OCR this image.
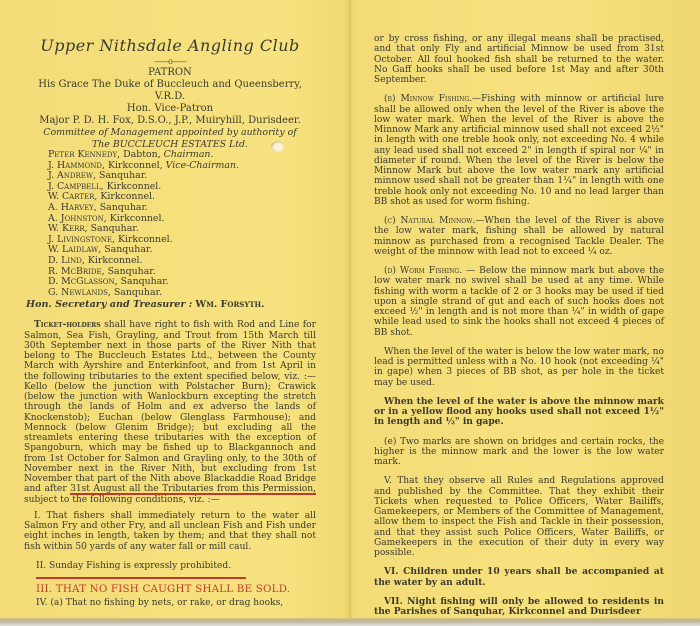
Upper Nithsdale Angling Club
——o——
PATRON
His Grace The Duke of Buccleuch and Queensberry, V.R.D.
Hon. Vice-Patron
Major P. D. H. Fox, D.S.O., J.P., Muiryhill, Durisdeer.
Committee of Management appointed by authority of
The BUCCLEUCH ESTATES Ltd.
Peter Kennedy, Dabton, Chairman.
J. Hammond, Kirkconnel, Vice-Chairman.
J. Andrew, Sanquhar.
J. Campbell, Kirkconnel.
W. Carter, Kirkconnel.
A. Harvey, Sanquhar.
A. Johnston, Kirkconnel.
W. Kerr, Sanquhar.
J. Livingstone, Kirkconnel.
W. Laidlaw, Sanquhar.
D. Lind, Kirkconnel.
R. McBride, Sanquhar.
D. McGlasson, Sanquhar.
G. Newlands, Sanquhar.
Hon. Secretary and Treasurer : Wm. Forsyth.

Ticket-holders shall have right to fish with Rod and Line for Salmon, Sea Fish, Grayling, and Trout from 15th March till 30th September next in those parts of the River Nith that belong to The Buccleuch Estates Ltd., between the County March with Ayrshire and Enterkinfoot, and from 1st April in the following tributaries to the extent specified below, viz. :—Kello (below the junction with Polstacher Burn); Crawick (below the junction with Wanlockburn excepting the stretch through the lands of Holm and ex adverso the lands of Knockenstob); Euchan (below Glenglass Farmhouse); and Mennock (below Glenim Bridge); but excluding all the streamlets entering these tributaries with the exception of Spangoburn, which may be fished up to Blackgannoch and from 1st October for Salmon and Grayling only, to the 30th of November next in the River Nith, but excluding from 1st November that part of the Nith above Blackaddie Road Bridge and after 31st August all the Tributaries from this Permission, subject to the following conditions, viz. :—

I. That fishers shall immediately return to the water all Salmon Fry and other Fry, and all unclean Fish and Fish under eight inches in length, taken by them; and that they shall not fish within 50 yards of any water fall or mill caul.

II. Sunday Fishing is expressly prohibited.
III. THAT NO FISH CAUGHT SHALL BE SOLD.
IV. (a) That no fishing by nets, or rake, or drag hooks,

or by cross fishing, or any illegal means shall be practised, and that only Fly and artificial Minnow be used from 31st October. All foul hooked fish shall be returned to the water. No Gaff hooks shall be used before 1st May and after 30th September.

(b) Minnow Fishing.—Fishing with minnow or artificial lure shall be allowed only when the level of the River is above the low water mark. When the level of the River is above the Minnow Mark any artificial minnow used shall not exceed 2½" in length with one treble hook only, not exceeding No. 4 while any lead used shall not exceed 2" in length if spiral nor ¼" in diameter if round. When the level of the River is below the Minnow Mark but above the low water mark any artificial minnow used shall not be greater than 1¼" in length with one treble hook only not exceeding No. 10 and no lead larger than BB shot as used for worm fishing.

(c) Natural Minnow.—When the level of the River is above the low water mark, fishing shall be allowed by natural minnow as purchased from a recognised Tackle Dealer. The weight of the minnow with lead not to exceed ¼ oz.

(d) Worm Fishing. — Below the minnow mark but above the low water mark no swivel shall be used at any time. While fishing with worm a tackle of 2 or 3 hooks may be used if tied upon a single strand of gut and each of such hooks does not exceed ½" in length and is not more than ¼" in width of gape while lead used to sink the hooks shall not exceed 4 pieces of BB shot.

When the level of the water is below the low water mark, no lead is permitted unless with a No. 10 hook (not exceeding ¼" in gape) when 3 pieces of BB shot, as per hole in the ticket may be used.

When the level of the water is above the minnow mark or in a yellow flood any hooks used shall not exceed 1½" in length and ½" in gape.

(e) Two marks are shown on bridges and certain rocks, the higher is the minnow mark and the lower is the low water mark.

V. That they observe all Rules and Regulations approved and published by the Committee. That they exhibit their Tickets when requested to Police Officers, Water Bailiffs, Gamekeepers, or Members of the Committee of Management, allow them to inspect the Fish and Tackle in their possession, and that they assist such Police Officers, Water Bailiffs, or Gamekeepers in the execution of their duty in every way possible.

VI. Children under 10 years shall be accompanied at the water by an adult.

VII. Night fishing will only be allowed to residents in the Parishes of Sanquhar, Kirkconnel and Durisdeer
